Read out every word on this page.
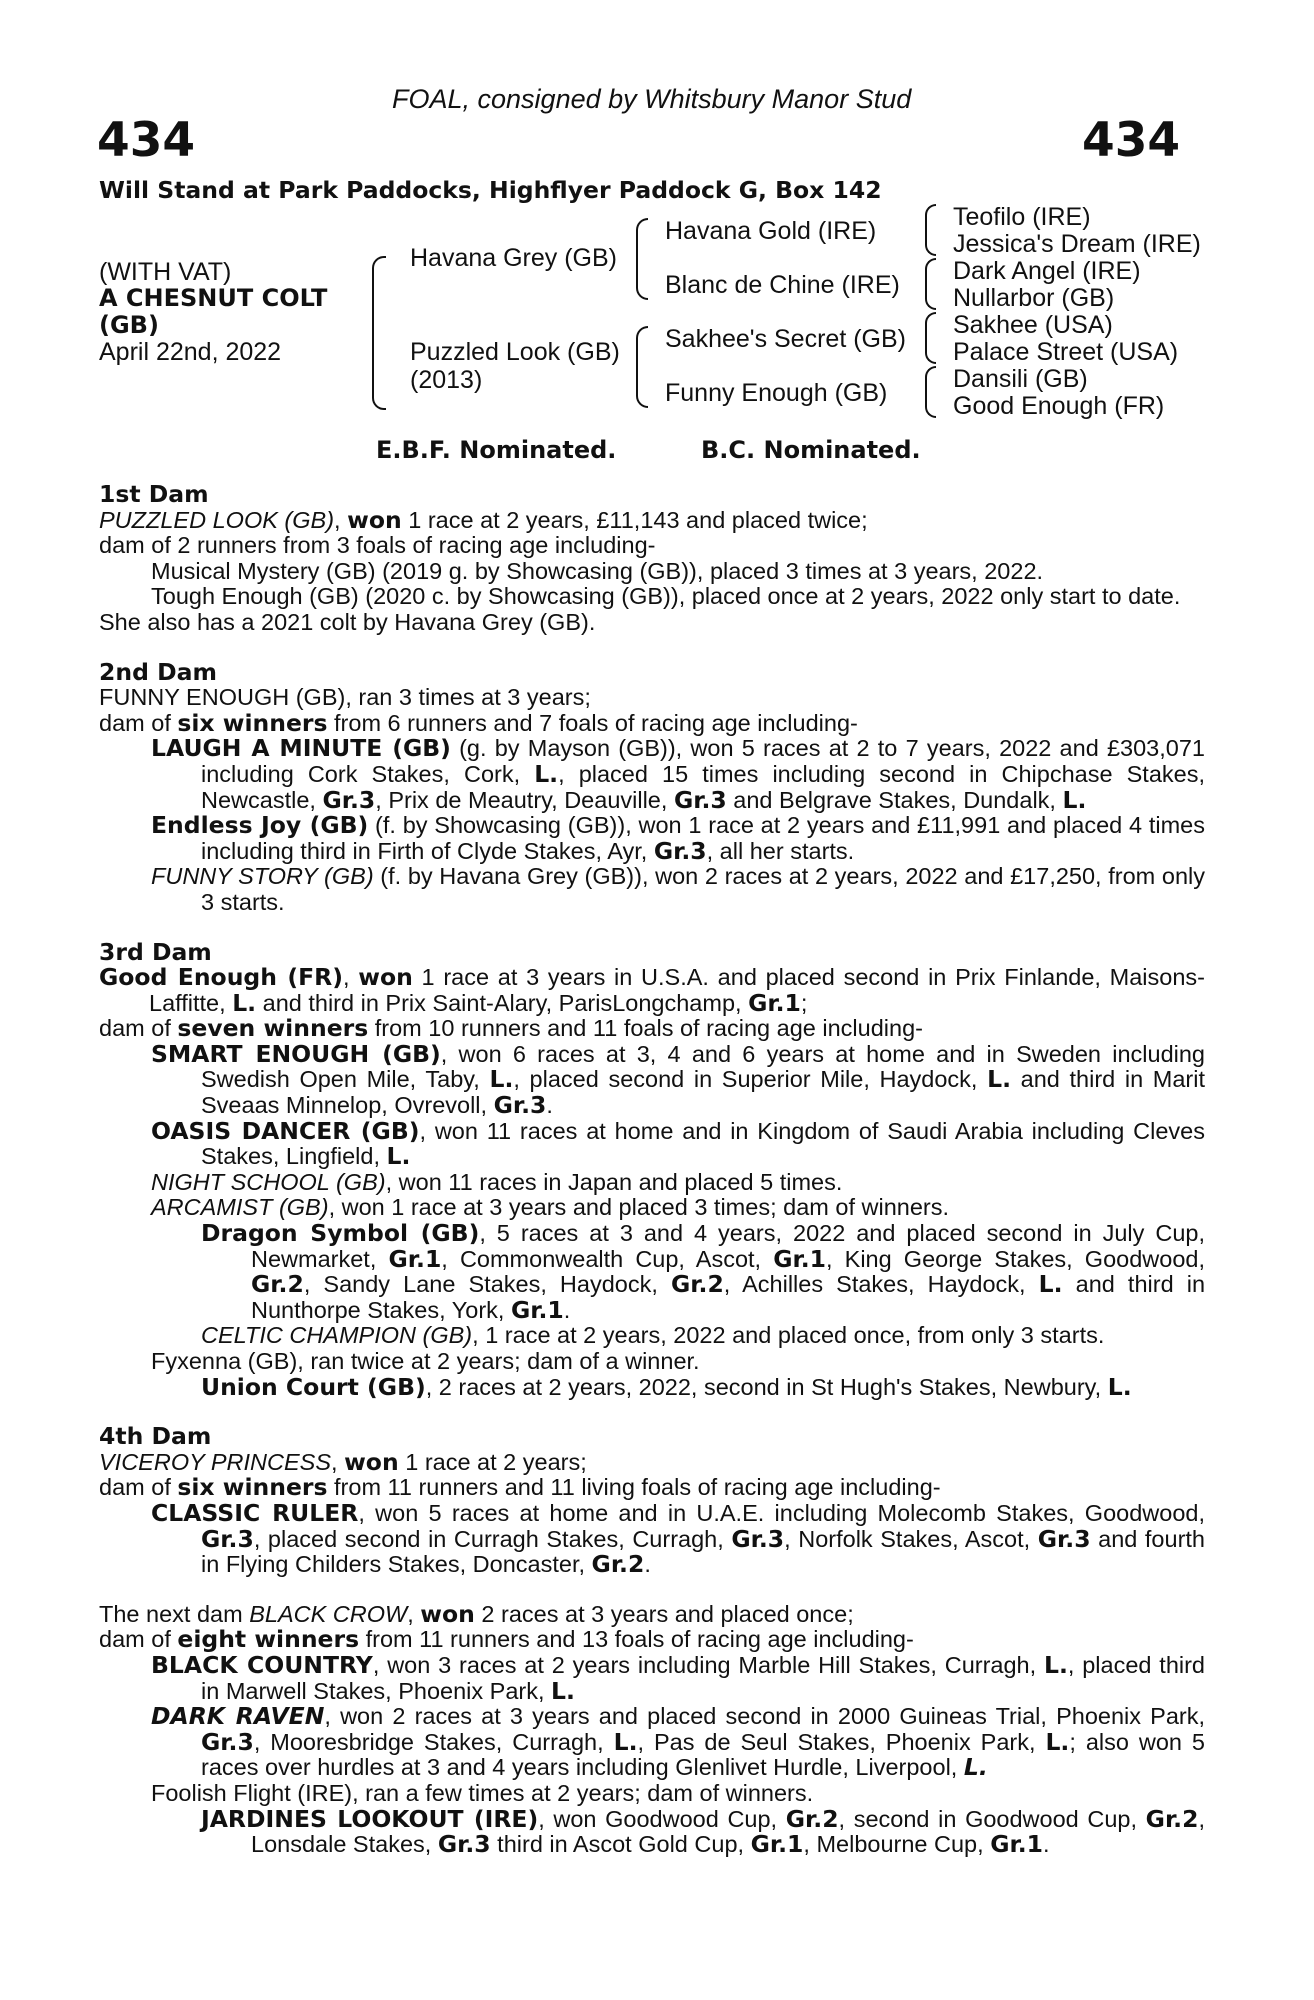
FOAL, consigned by Whitsbury Manor Stud
434	434
Will Stand at Park Paddocks, Highflyer Paddock G, Box 142
(WITH VAT)
A CHESNUT COLT
(GB)
April 22nd, 2022
Havana Grey (GB)
Puzzled Look (GB)
(2013)
Havana Gold (IRE)
Blanc de Chine (IRE)
Sakhee's Secret (GB)
Funny Enough (GB)
Teofilo (IRE)
Jessica's Dream (IRE)
Dark Angel (IRE)
Nullarbor (GB)
Sakhee (USA)
Palace Street (USA)
Dansili (GB)
Good Enough (FR)
E.B.F. Nominated.	B.C. Nominated.

1st Dam

PUZZLED LOOK (GB), won 1 race at 2 years, £11,143 and placed twice;

dam of 2 runners from 3 foals of racing age including-

Musical Mystery (GB) (2019 g. by Showcasing (GB)), placed 3 times at 3 years, 2022.

Tough Enough (GB) (2020 c. by Showcasing (GB)), placed once at 2 years, 2022 only start to date.

She also has a 2021 colt by Havana Grey (GB).

2nd Dam

FUNNY ENOUGH (GB), ran 3 times at 3 years;

dam of six winners from 6 runners and 7 foals of racing age including-

LAUGH A MINUTE (GB) (g. by Mayson (GB)), won 5 races at 2 to 7 years, 2022 and £303,071 including Cork Stakes, Cork, L., placed 15 times including second in Chipchase Stakes, Newcastle, Gr.3, Prix de Meautry, Deauville, Gr.3 and Belgrave Stakes, Dundalk, L.

Endless Joy (GB) (f. by Showcasing (GB)), won 1 race at 2 years and £11,991 and placed 4 times including third in Firth of Clyde Stakes, Ayr, Gr.3, all her starts.

FUNNY STORY (GB) (f. by Havana Grey (GB)), won 2 races at 2 years, 2022 and £17,250, from only 3 starts.

3rd Dam

Good Enough (FR), won 1 race at 3 years in U.S.A. and placed second in Prix Finlande, Maisons-Laffitte, L. and third in Prix Saint-Alary, ParisLongchamp, Gr.1;

dam of seven winners from 10 runners and 11 foals of racing age including-

SMART ENOUGH (GB), won 6 races at 3, 4 and 6 years at home and in Sweden including Swedish Open Mile, Taby, L., placed second in Superior Mile, Haydock, L. and third in Marit Sveaas Minnelop, Ovrevoll, Gr.3.

OASIS DANCER (GB), won 11 races at home and in Kingdom of Saudi Arabia including Cleves Stakes, Lingfield, L.

NIGHT SCHOOL (GB), won 11 races in Japan and placed 5 times.

ARCAMIST (GB), won 1 race at 3 years and placed 3 times; dam of winners.

Dragon Symbol (GB), 5 races at 3 and 4 years, 2022 and placed second in July Cup, Newmarket, Gr.1, Commonwealth Cup, Ascot, Gr.1, King George Stakes, Goodwood, Gr.2, Sandy Lane Stakes, Haydock, Gr.2, Achilles Stakes, Haydock, L. and third in Nunthorpe Stakes, York, Gr.1.

CELTIC CHAMPION (GB), 1 race at 2 years, 2022 and placed once, from only 3 starts.

Fyxenna (GB), ran twice at 2 years; dam of a winner.

Union Court (GB), 2 races at 2 years, 2022, second in St Hugh's Stakes, Newbury, L.

4th Dam

VICEROY PRINCESS, won 1 race at 2 years;

dam of six winners from 11 runners and 11 living foals of racing age including-

CLASSIC RULER, won 5 races at home and in U.A.E. including Molecomb Stakes, Goodwood, Gr.3, placed second in Curragh Stakes, Curragh, Gr.3, Norfolk Stakes, Ascot, Gr.3 and fourth in Flying Childers Stakes, Doncaster, Gr.2.

The next dam BLACK CROW, won 2 races at 3 years and placed once;

dam of eight winners from 11 runners and 13 foals of racing age including-

BLACK COUNTRY, won 3 races at 2 years including Marble Hill Stakes, Curragh, L., placed third in Marwell Stakes, Phoenix Park, L.

DARK RAVEN, won 2 races at 3 years and placed second in 2000 Guineas Trial, Phoenix Park, Gr.3, Mooresbridge Stakes, Curragh, L., Pas de Seul Stakes, Phoenix Park, L.; also won 5 races over hurdles at 3 and 4 years including Glenlivet Hurdle, Liverpool, L.

Foolish Flight (IRE), ran a few times at 2 years; dam of winners.

JARDINES LOOKOUT (IRE), won Goodwood Cup, Gr.2, second in Goodwood Cup, Gr.2, Lonsdale Stakes, Gr.3 third in Ascot Gold Cup, Gr.1, Melbourne Cup, Gr.1.
